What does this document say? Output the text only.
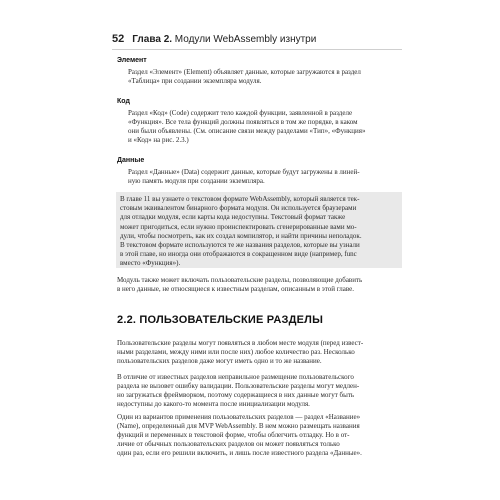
52 Глава 2. Модули WebAssembly изнутри
Элемент
Раздел «Элемент» (Element) объявляет данные, которые загружаются в раздел
«Таблица» при создании экземпляра модуля.
Код
Раздел «Код» (Code) содержит тело каждой функции, заявленной в разделе
«Функция». Все тела функций должны появляться в том же порядке, в каком
они были объявлены. (См. описание связи между разделами «Тип», «Функция»
и «Код» на рис. 2.3.)
Данные
Раздел «Данные» (Data) содержит данные, которые будут загружены в линей-
ную память модуля при создании экземпляра.
В главе 11 вы узнаете о текстовом формате WebAssembly, который является тек-
стовым эквивалентом бинарного формата модуля. Он используется браузерами
для отладки модуля, если карты кода недоступны. Текстовый формат также
может пригодиться, если нужно проинспектировать сгенерированные вами мо-
дули, чтобы посмотреть, как их создал компилятор, и найти причины неполадок.
В текстовом формате используются те же названия разделов, которые вы узнали
в этой главе, но иногда они отображаются в сокращенном виде (например, func
вместо «Функция»).
Модуль также может включать пользовательские разделы, позволяющие добавить
в него данные, не относящиеся к известным разделам, описанным в этой главе.
2.2. ПОЛЬЗОВАТЕЛЬСКИЕ РАЗДЕЛЫ
Пользовательские разделы могут появляться в любом месте модуля (перед извест-
ными разделами, между ними или после них) любое количество раз. Несколько
пользовательских разделов даже могут иметь одно и то же название.
В отличие от известных разделов неправильное размещение пользовательского
раздела не вызовет ошибку валидации. Пользовательские разделы могут медлен-
но загружаться фреймворком, поэтому содержащиеся в них данные могут быть
недоступны до какого-то момента после инициализации модуля.
Один из вариантов применения пользовательских разделов — раздел «Название»
(Name), определенный для MVP WebAssembly. В нем можно размещать названия
функций и переменных в текстовой форме, чтобы облегчить отладку. Но в от-
личие от обычных пользовательских разделов он может появляться только
один раз, если его решили включить, и лишь после известного раздела «Данные».
